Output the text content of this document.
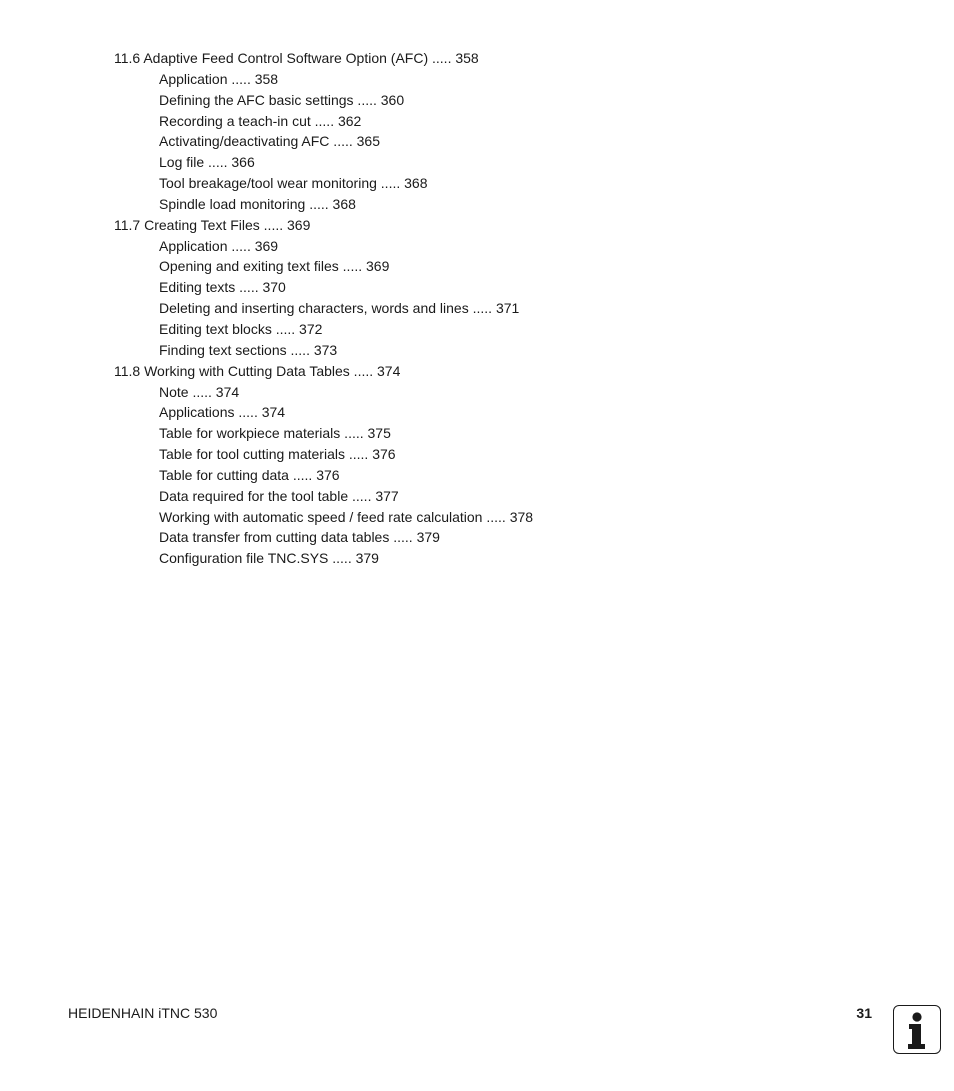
11.6 Adaptive Feed Control Software Option (AFC) ..... 358
Application ..... 358
Defining the AFC basic settings ..... 360
Recording a teach-in cut ..... 362
Activating/deactivating AFC ..... 365
Log file ..... 366
Tool breakage/tool wear monitoring ..... 368
Spindle load monitoring ..... 368
11.7 Creating Text Files ..... 369
Application ..... 369
Opening and exiting text files ..... 369
Editing texts ..... 370
Deleting and inserting characters, words and lines ..... 371
Editing text blocks ..... 372
Finding text sections ..... 373
11.8 Working with Cutting Data Tables ..... 374
Note ..... 374
Applications ..... 374
Table for workpiece materials ..... 375
Table for tool cutting materials ..... 376
Table for cutting data ..... 376
Data required for the tool table ..... 377
Working with automatic speed / feed rate calculation ..... 378
Data transfer from cutting data tables ..... 379
Configuration file TNC.SYS ..... 379
HEIDENHAIN iTNC 530	31
